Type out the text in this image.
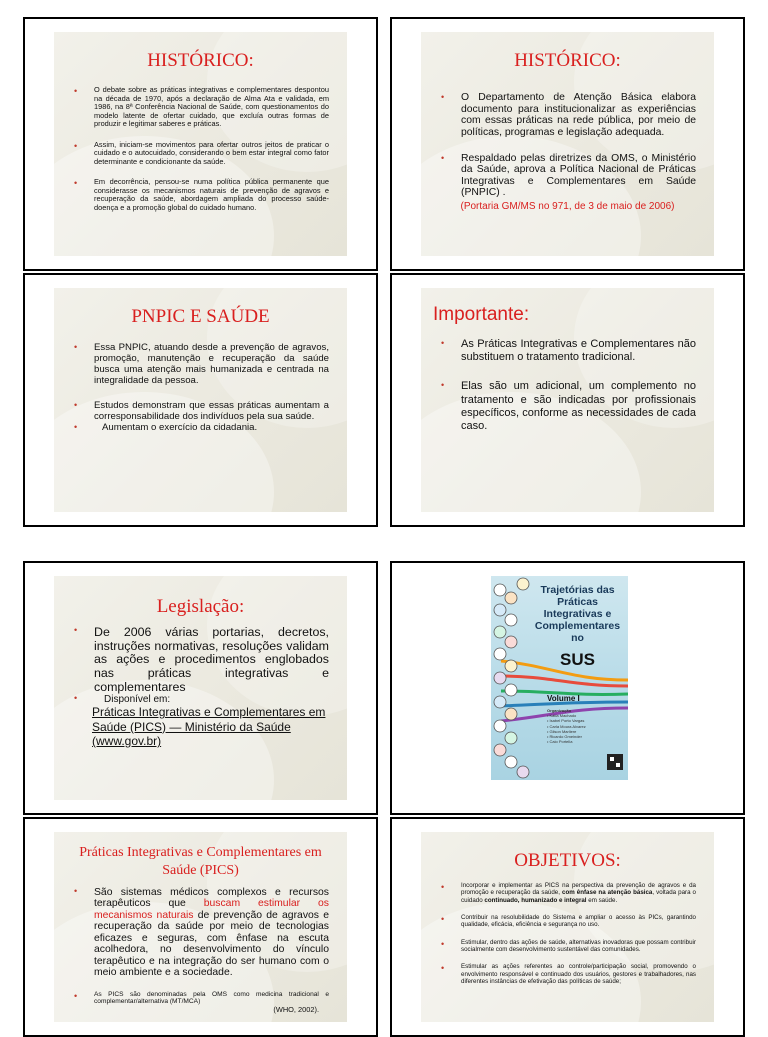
HISTÓRICO:
• O debate sobre as práticas integrativas e complementares despontou na década de 1970, após a declaração de Alma Ata e validada, em 1986, na 8ª Conferência Nacional de Saúde, com questionamentos do modelo latente de ofertar cuidado, que excluía outras formas de produzir e legitimar saberes e práticas.
• Assim, iniciam-se movimentos para ofertar outros jeitos de praticar o cuidado e o autocuidado, considerando o bem estar integral como fator determinante e condicionante da saúde.
• Em decorrência, pensou-se numa política pública permanente que considerasse os mecanismos naturais de prevenção de agravos e recuperação da saúde, abordagem ampliada do processo saúde-doença e a promoção global do cuidado humano.
HISTÓRICO:
• O Departamento de Atenção Básica elabora documento para institucionalizar as experiências com essas práticas na rede pública, por meio de políticas, programas e legislação adequada.
• Respaldado pelas diretrizes da OMS, o Ministério da Saúde, aprova a Política Nacional de Práticas Integrativas e Complementares em Saúde (PNPIC) .
(Portaria GM/MS no 971, de 3 de maio de 2006)
PNPIC E SAÚDE
• Essa PNPIC, atuando desde a prevenção de agravos, promoção, manutenção e recuperação da saúde busca uma atenção mais humanizada e centrada na integralidade da pessoa.
• Estudos demonstram que essas práticas aumentam a corresponsabilidade dos indivíduos pela sua saúde.
• Aumentam o exercício da cidadania.
Importante:
• As Práticas Integrativas e Complementares não substituem o tratamento tradicional.
• Elas são um adicional, um complemento no tratamento e são indicadas por profissionais específicos, conforme as necessidades de cada caso.
Legislação:
• De 2006 várias portarias, decretos, instruções normativas, resoluções validam as ações e procedimentos englobados nas práticas integrativas e complementares
• Disponível em:
Práticas Integrativas e Complementares em Saúde (PICS) — Ministério da Saúde (www.gov.br)
Trajetórias das Práticas Integrativas e Complementares no
SUS
Volume I
Organização
• Kátia Machado
• Isabel Porto Vargas
• Carla Moura Alvarez
• Gilson Marliere
• Ricardo Gmeinder
• Caio Portella
Práticas Integrativas e Complementares em Saúde (PICS)
• São sistemas médicos complexos e recursos terapêuticos que buscam estimular os mecanismos naturais de prevenção de agravos e recuperação da saúde por meio de tecnologias eficazes e seguras, com ênfase na escuta acolhedora, no desenvolvimento do vínculo terapêutico e na integração do ser humano com o meio ambiente e a sociedade.
• As PICS são denominadas pela OMS como medicina tradicional e complementar/alternativa (MT/MCA)
(WHO, 2002).
OBJETIVOS:
• Incorporar e implementar as PICS na perspectiva da prevenção de agravos e da promoção e recuperação da saúde, com ênfase na atenção básica, voltada para o cuidado continuado, humanizado e integral em saúde.
• Contribuir na resolubilidade do Sistema e ampliar o acesso às PICs, garantindo qualidade, eficácia, eficiência e segurança no uso.
• Estimular, dentro das ações de saúde, alternativas inovadoras que possam contribuir socialmente com desenvolvimento sustentável das comunidades.
• Estimular as ações referentes ao controle/participação social, promovendo o envolvimento responsável e continuado dos usuários, gestores e trabalhadores, nas diferentes instâncias de efetivação das políticas de saúde;
